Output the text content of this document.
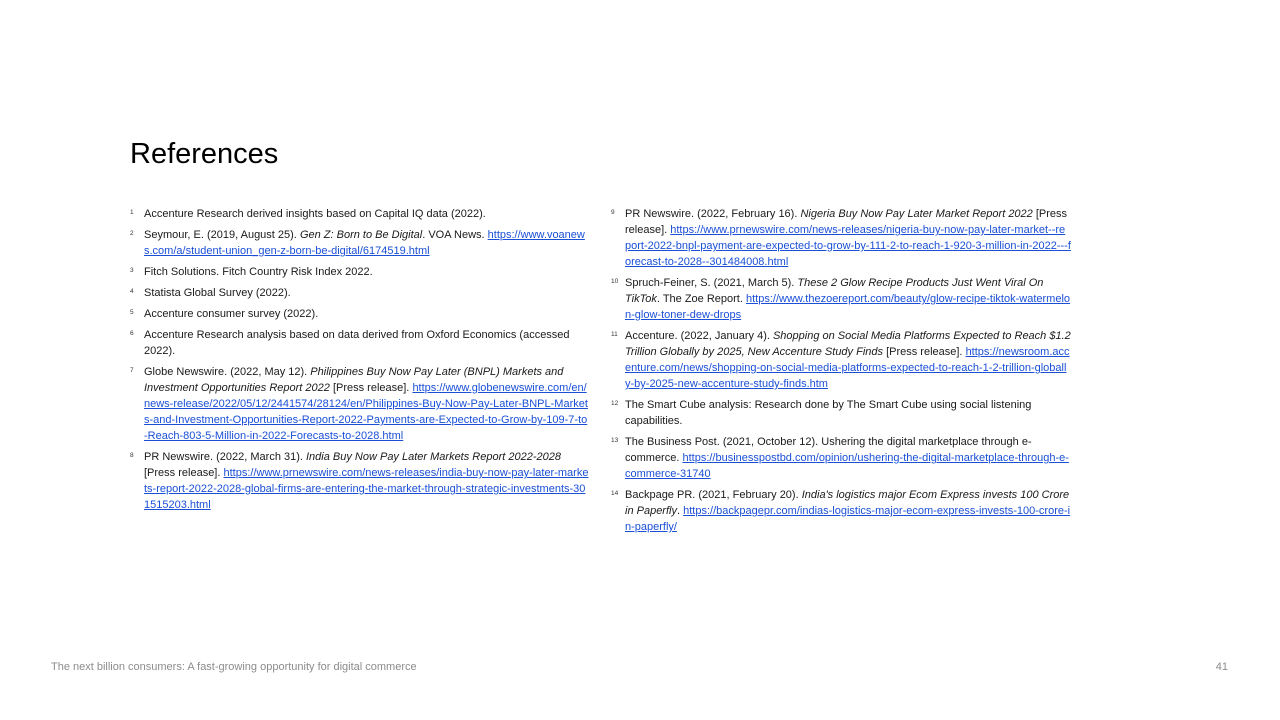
References
1 Accenture Research derived insights based on Capital IQ data (2022).
2 Seymour, E. (2019, August 25). Gen Z: Born to Be Digital. VOA News. https://www.voanews.com/a/student-union_gen-z-born-be-digital/6174519.html
3 Fitch Solutions. Fitch Country Risk Index 2022.
4 Statista Global Survey (2022).
5 Accenture consumer survey (2022).
6 Accenture Research analysis based on data derived from Oxford Economics (accessed 2022).
7 Globe Newswire. (2022, May 12). Philippines Buy Now Pay Later (BNPL) Markets and Investment Opportunities Report 2022 [Press release]. https://www.globenewswire.com/en/news-release/2022/05/12/2441574/28124/en/Philippines-Buy-Now-Pay-Later-BNPL-Markets-and-Investment-Opportunities-Report-2022-Payments-are-Expected-to-Grow-by-109-7-to-Reach-803-5-Million-in-2022-Forecasts-to-2028.html
8 PR Newswire. (2022, March 31). India Buy Now Pay Later Markets Report 2022-2028 [Press release]. https://www.prnewswire.com/news-releases/india-buy-now-pay-later-markets-report-2022-2028-global-firms-are-entering-the-market-through-strategic-investments-301515203.html
9 PR Newswire. (2022, February 16). Nigeria Buy Now Pay Later Market Report 2022 [Press release]. https://www.prnewswire.com/news-releases/nigeria-buy-now-pay-later-market--report-2022-bnpl-payment-are-expected-to-grow-by-111-2-to-reach-1-920-3-million-in-2022---forecast-to-2028--301484008.html
10 Spruch-Feiner, S. (2021, March 5). These 2 Glow Recipe Products Just Went Viral On TikTok. The Zoe Report. https://www.thezoereport.com/beauty/glow-recipe-tiktok-watermelon-glow-toner-dew-drops
11 Accenture. (2022, January 4). Shopping on Social Media Platforms Expected to Reach $1.2 Trillion Globally by 2025, New Accenture Study Finds [Press release]. https://newsroom.accenture.com/news/shopping-on-social-media-platforms-expected-to-reach-1-2-trillion-globally-by-2025-new-accenture-study-finds.htm
12 The Smart Cube analysis: Research done by The Smart Cube using social listening capabilities.
13 The Business Post. (2021, October 12). Ushering the digital marketplace through e-commerce. https://businesspostbd.com/opinion/ushering-the-digital-marketplace-through-e-commerce-31740
14 Backpage PR. (2021, February 20). India's logistics major Ecom Express invests 100 Crore in Paperfly. https://backpagepr.com/indias-logistics-major-ecom-express-invests-100-crore-in-paperfly/
The next billion consumers: A fast-growing opportunity for digital commerce	41
